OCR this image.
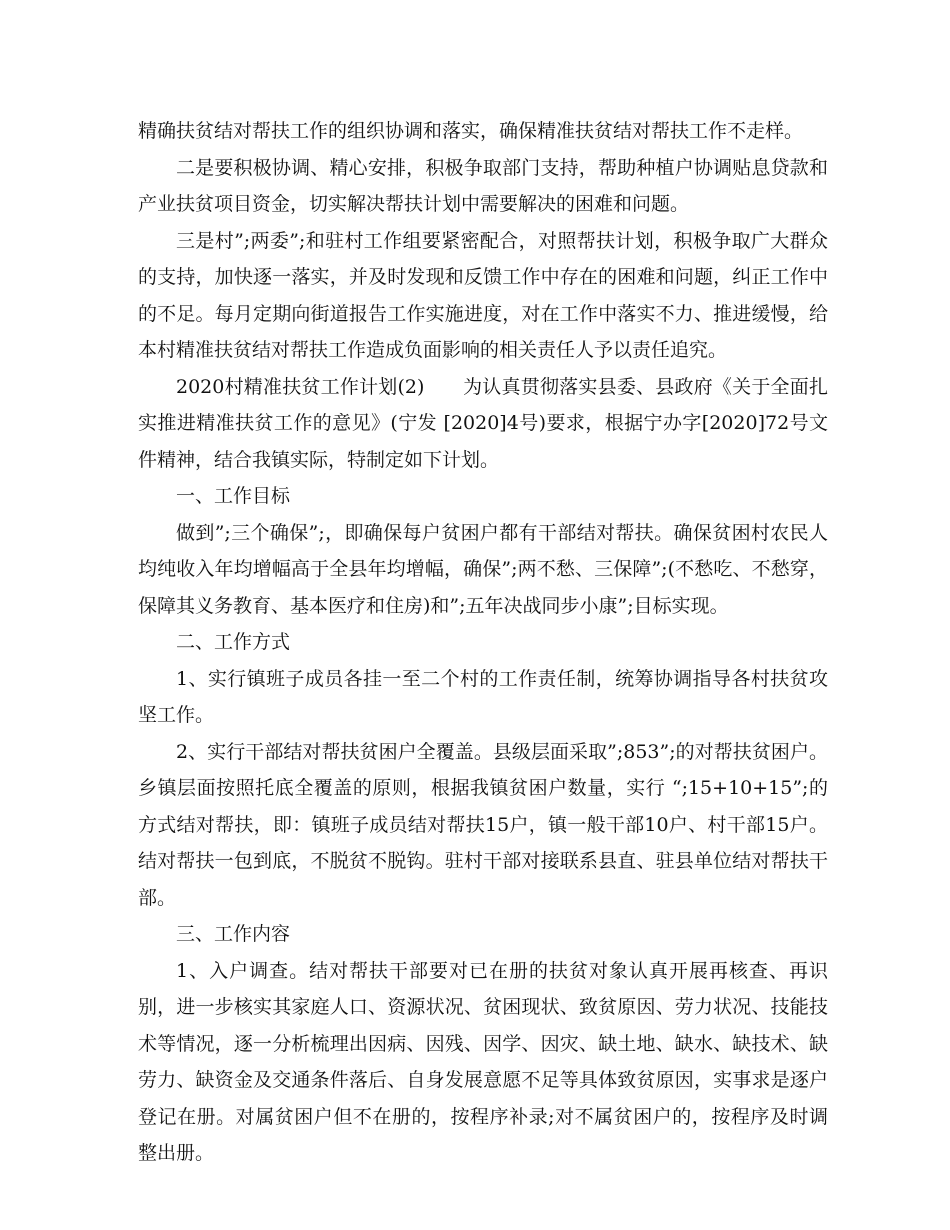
精确扶贫结对帮扶工作的组织协调和落实，确保精准扶贫结对帮扶工作不走样。

二是要积极协调、精心安排，积极争取部门支持，帮助种植户协调贴息贷款和产业扶贫项目资金，切实解决帮扶计划中需要解决的困难和问题。

三是村”;两委”;和驻村工作组要紧密配合，对照帮扶计划，积极争取广大群众的支持，加快逐一落实，并及时发现和反馈工作中存在的困难和问题，纠正工作中的不足。每月定期向街道报告工作实施进度，对在工作中落实不力、推进缓慢，给本村精准扶贫结对帮扶工作造成负面影响的相关责任人予以责任追究。

2020村精准扶贫工作计划(2)　　为认真贯彻落实县委、县政府《关于全面扎实推进精准扶贫工作的意见》(宁发 [2020]4号)要求，根据宁办字[2020]72号文件精神，结合我镇实际，特制定如下计划。

一、工作目标

做到”;三个确保”;，即确保每户贫困户都有干部结对帮扶。确保贫困村农民人均纯收入年均增幅高于全县年均增幅，确保”;两不愁、三保障”;(不愁吃、不愁穿，保障其义务教育、基本医疗和住房)和”;五年决战同步小康”;目标实现。

二、工作方式

1、实行镇班子成员各挂一至二个村的工作责任制，统筹协调指导各村扶贫攻坚工作。

2、实行干部结对帮扶贫困户全覆盖。县级层面采取”;853”;的对帮扶贫困户。乡镇层面按照托底全覆盖的原则，根据我镇贫困户数量，实行 “;15+10+15”;的方式结对帮扶，即：镇班子成员结对帮扶15户，镇一般干部10户、村干部15户。结对帮扶一包到底，不脱贫不脱钩。驻村干部对接联系县直、驻县单位结对帮扶干部。

三、工作内容

1、入户调查。结对帮扶干部要对已在册的扶贫对象认真开展再核查、再识别，进一步核实其家庭人口、资源状况、贫困现状、致贫原因、劳力状况、技能技术等情况，逐一分析梳理出因病、因残、因学、因灾、缺土地、缺水、缺技术、缺劳力、缺资金及交通条件落后、自身发展意愿不足等具体致贫原因，实事求是逐户登记在册。对属贫困户但不在册的，按程序补录;对不属贫困户的，按程序及时调整出册。
